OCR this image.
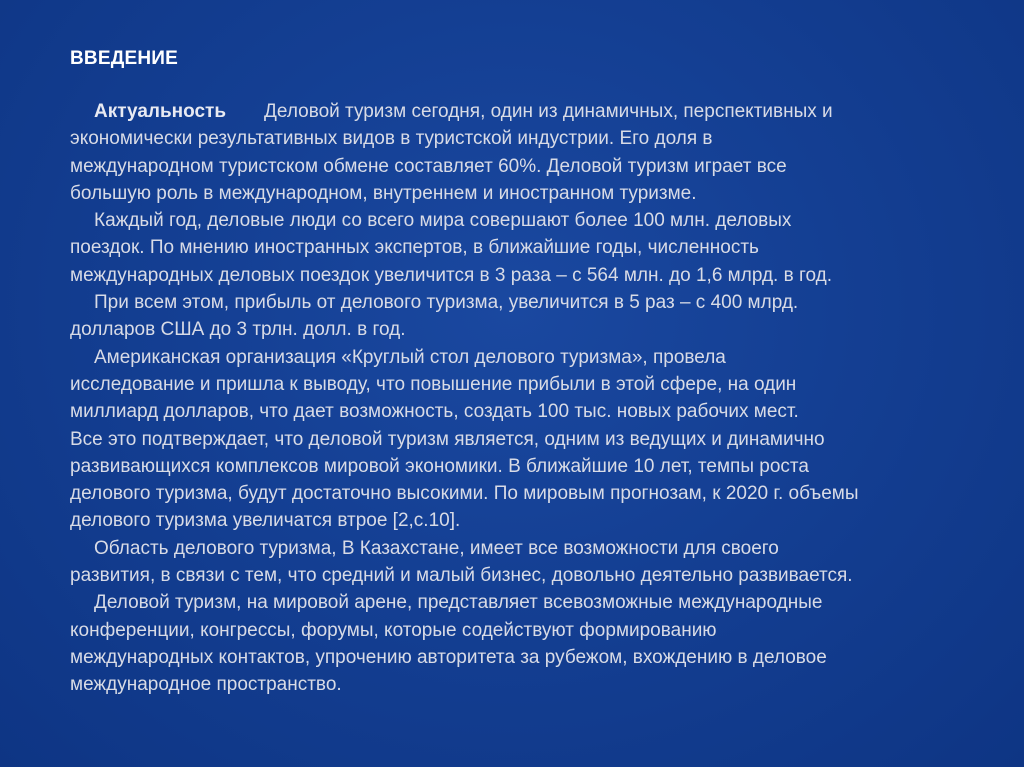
ВВЕДЕНИЕ
Актуальность Деловой туризм сегодня, один из динамичных, перспективных и
экономически результативных видов в туристской индустрии. Его доля в
международном туристском обмене составляет 60%. Деловой туризм играет все
большую роль в международном, внутреннем и иностранном туризме.
Каждый год, деловые люди со всего мира совершают более 100 млн. деловых
поездок. По мнению иностранных экспертов, в ближайшие годы, численность
международных деловых поездок увеличится в 3 раза – с 564 млн. до 1,6 млрд. в год.
При всем этом, прибыль от делового туризма, увеличится в 5 раз – с 400 млрд.
долларов США до 3 трлн. долл. в год.
Американская организация «Круглый стол делового туризма», провела
исследование и пришла к выводу, что повышение прибыли в этой сфере, на один
миллиард долларов, что дает возможность, создать 100 тыс. новых рабочих мест.
Все это подтверждает, что деловой туризм является, одним из ведущих и динамично
развивающихся комплексов мировой экономики. В ближайшие 10 лет, темпы роста
делового туризма, будут достаточно высокими. По мировым прогнозам, к 2020 г. объемы
делового туризма увеличатся втрое [2,с.10].
Область делового туризма, В Казахстане, имеет все возможности для своего
развития, в связи с тем, что средний и малый бизнес, довольно деятельно развивается.
Деловой туризм, на мировой арене, представляет всевозможные международные
конференции, конгрессы, форумы, которые содействуют формированию
международных контактов, упрочению авторитета за рубежом, вхождению в деловое
международное пространство.
